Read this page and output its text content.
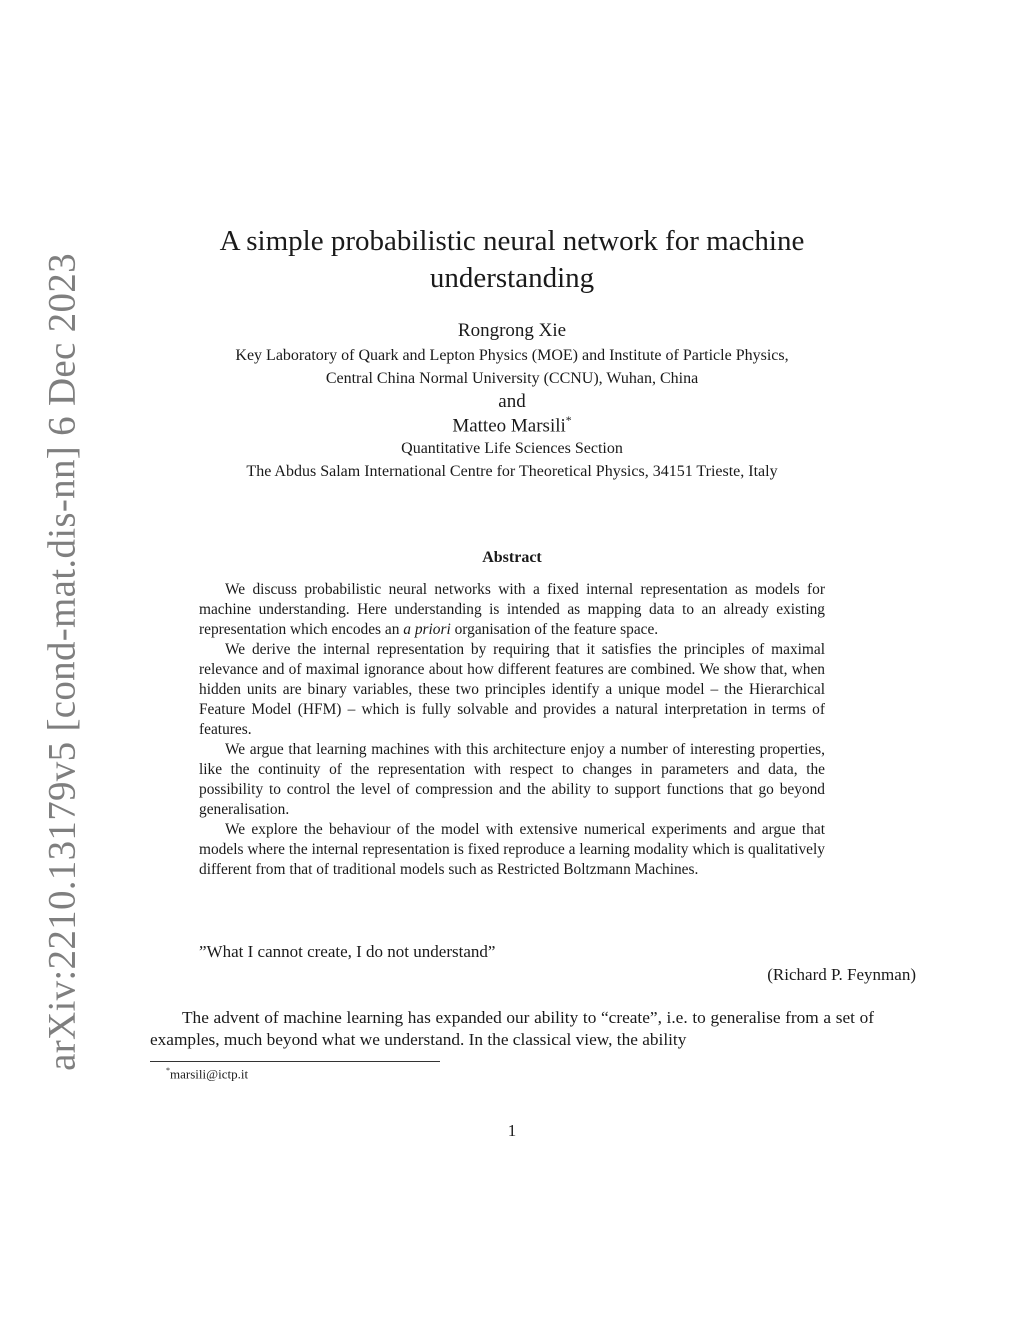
arXiv:2210.13179v5 [cond-mat.dis-nn] 6 Dec 2023
A simple probabilistic neural network for machine understanding
Rongrong Xie
Key Laboratory of Quark and Lepton Physics (MOE) and Institute of Particle Physics,
Central China Normal University (CCNU), Wuhan, China
and
Matteo Marsili*
Quantitative Life Sciences Section
The Abdus Salam International Centre for Theoretical Physics, 34151 Trieste, Italy
Abstract

We discuss probabilistic neural networks with a fixed internal representation as models for machine understanding. Here understanding is intended as mapping data to an already existing representation which encodes an a priori organisation of the feature space.

We derive the internal representation by requiring that it satisfies the principles of maximal relevance and of maximal ignorance about how different features are combined. We show that, when hidden units are binary variables, these two principles identify a unique model – the Hierarchical Feature Model (HFM) – which is fully solvable and provides a natural interpretation in terms of features.

We argue that learning machines with this architecture enjoy a number of interesting properties, like the continuity of the representation with respect to changes in parameters and data, the possibility to control the level of compression and the ability to support functions that go beyond generalisation.

We explore the behaviour of the model with extensive numerical experiments and argue that models where the internal representation is fixed reproduce a learning modality which is qualitatively different from that of traditional models such as Restricted Boltzmann Machines.

”What I cannot create, I do not understand”
(Richard P. Feynman)

The advent of machine learning has expanded our ability to “create”, i.e. to generalise from a set of examples, much beyond what we understand. In the classical view, the ability

*marsili@ictp.it
1
